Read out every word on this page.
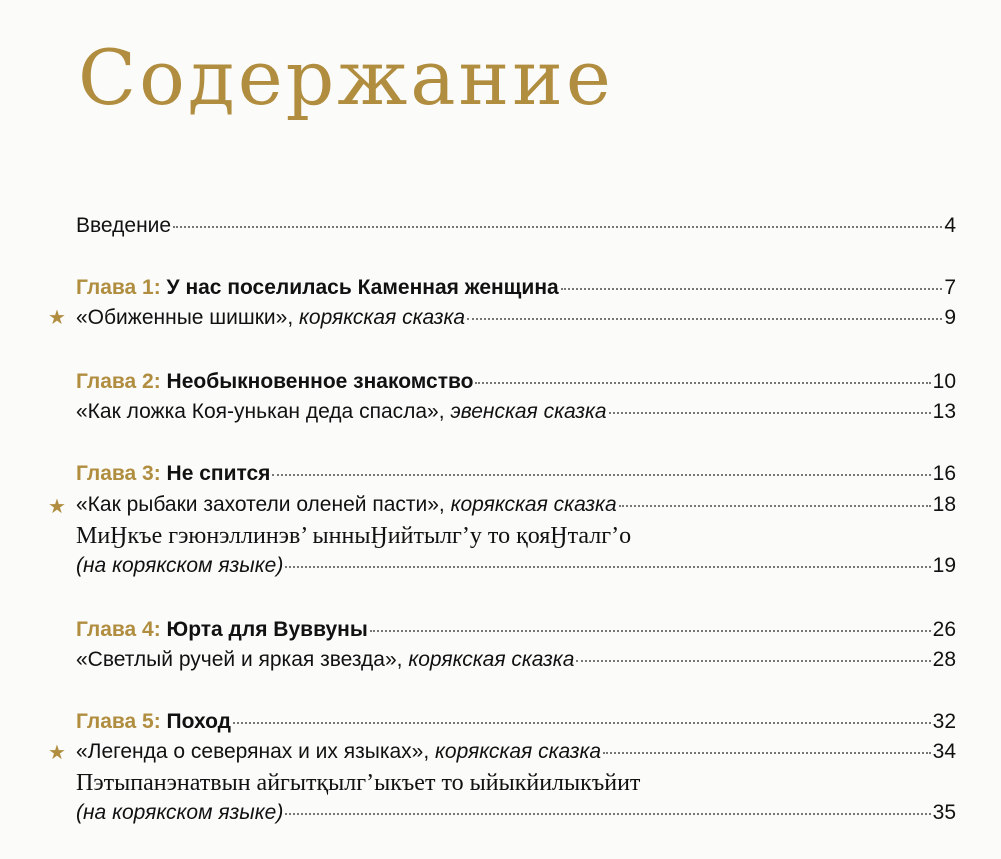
Содержание
Введение	4
Глава 1: У нас поселилась Каменная женщина	7
★ «Обиженные шишки», корякская сказка	9
Глава 2: Необыкновенное знакомство	10
«Как ложка Коя-унькан деда спасла», эвенская сказка	13
Глава 3: Не спится	16
★ «Как рыбаки захотели оленей пасти», корякская сказка	18
МиӇкъе гэюнэллинэв’ ынныӇийтылг’у то қояӇталг’о
(на корякском языке)	19
Глава 4: Юрта для Вуввуны	26
«Светлый ручей и яркая звезда», корякская сказка	28
Глава 5: Поход	32
★ «Легенда о северянах и их языках», корякская сказка	34
Пэтыпанэнатвын айгытқылг’ыкъет то ыйыкйилыкъйит
(на корякском языке)	35
